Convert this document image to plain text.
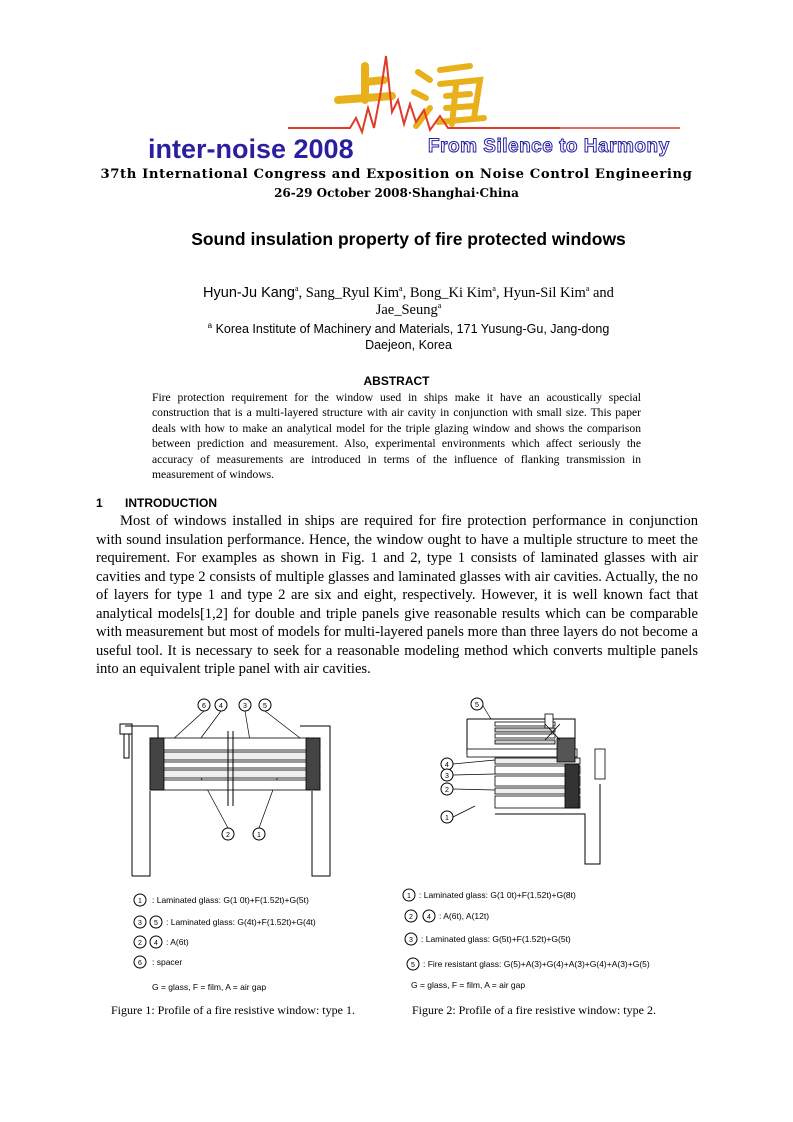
inter-noise 2008	From Silence to Harmony
37th International Congress and Exposition on Noise Control Engineering
26-29 October 2008·Shanghai·China
Sound insulation property of fire protected windows
Hyun-Ju Kang$^a$, Sang_Ryul Kim$^a$, Bong_Ki Kim$^a$, Hyun-Sil Kim$^a$ and
Jae_Seung$^a$
$^a$ Korea Institute of Machinery and Materials, 171 Yusung-Gu, Jang-dong
Daejeon, Korea
ABSTRACT
Fire protection requirement for the window used in ships make it have an acoustically special construction that is a multi-layered structure with air cavity in conjunction with small size. This paper deals with how to make an analytical model for the triple glazing window and shows the comparison between prediction and measurement. Also, experimental environments which affect seriously the accuracy of measurements are introduced in terms of the influence of flanking transmission in measurement of windows.
1 INTRODUCTION
Most of windows installed in ships are required for fire protection performance in conjunction with sound insulation performance. Hence, the window ought to have a multiple structure to meet the requirement. For examples as shown in Fig. 1 and 2, type 1 consists of laminated glasses with air cavities and type 2 consists of multiple glasses and laminated glasses with air cavities. Actually, the no of layers for type 1 and type 2 are six and eight, respectively. However, it is well known fact that analytical models[1,2] for double and triple panels give reasonable results which can be comparable with measurement but most of models for multi-layered panels more than three layers do not become a useful tool. It is necessary to seek for a reasonable modeling method which converts multiple panels into an equivalent triple panel with air cavities.
6 4	3 5
2	1
1 : Laminated glass: G(1 0t)+F(1.52t)+G(5t)
3 5 : Laminated glass: G(4t)+F(1.52t)+G(4t)
2 4 : A(6t)
6 : spacer
G = glass, F = film, A = air gap
5
4
3
2
1
1 : Laminated glass: G(1 0t)+F(1.52t)+G(8t)
2 4 : A(6t), A(12t)
3 : Laminated glass: G(5t)+F(1.52t)+G(5t)
5 : Fire resistant glass: G(5)+A(3)+G(4)+A(3)+G(4)+A(3)+G(5)
G = glass, F = film, A = air gap
Figure 1: Profile of a fire resistive window: type 1.	Figure 2: Profile of a fire resistive window: type 2.
